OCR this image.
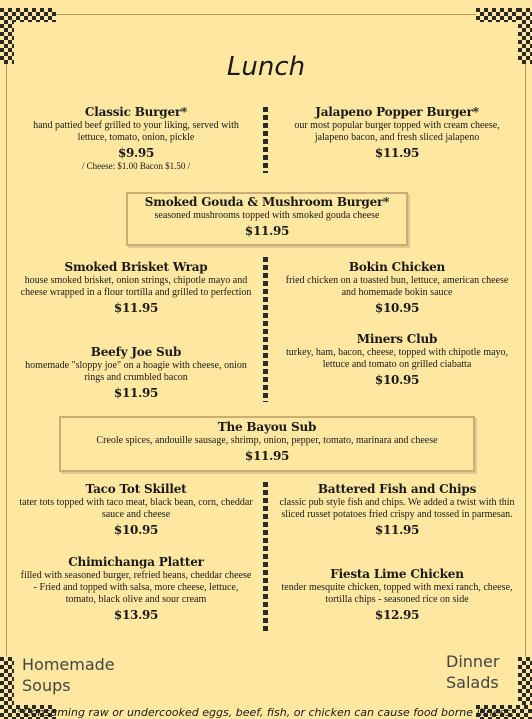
Lunch
Classic Burger*
hand pattied beef grilled to your liking, served with lettuce, tomato, onion, pickle
$9.95
/ Cheese: $1.00 Bacon $1.50 /
Jalapeno Popper Burger*
our most popular burger topped with cream cheese, jalapeno bacon, and fresh sliced jalapeno
$11.95
Smoked Gouda & Mushroom Burger*
seasoned mushrooms topped with smoked gouda cheese
$11.95
Smoked Brisket Wrap
house smoked brisket, onion strings, chipotle mayo and cheese wrapped in a flour tortilla and grilled to perfection
$11.95
Beefy Joe Sub
homemade "sloppy joe" on a hoagie with cheese, onion rings and crumbled bacon
$11.95
Bokin Chicken
fried chicken on a toasted bun, lettuce, american cheese and homemade bokin sauce
$10.95
Miners Club
turkey, ham, bacon, cheese, topped with chipotle mayo, lettuce and tomato on grilled ciabatta
$10.95
The Bayou Sub
Creole spices, andouille sausage, shrimp, onion, pepper, tomato, marinara and cheese
$11.95
Taco Tot Skillet
tater tots topped with taco meat, black bean, corn, cheddar sauce and cheese
$10.95
Chimichanga Platter
filled with seasoned burger, refried beans, cheddar cheese - Fried and topped with salsa, more cheese, lettuce, tomato, black olive and sour cream
$13.95
Battered Fish and Chips
classic pub style fish and chips. We added a twist with thin sliced russet potatoes fried crispy and tossed in parmesan.
$11.95
Fiesta Lime Chicken
tender mesquite chicken, topped with mexi ranch, cheese, tortilla chips - seasoned rice on side
$12.95
Homemade Soups
Dinner Salads
*Consuming raw or undercooked eggs, beef, fish, or chicken can cause food borne illness.
